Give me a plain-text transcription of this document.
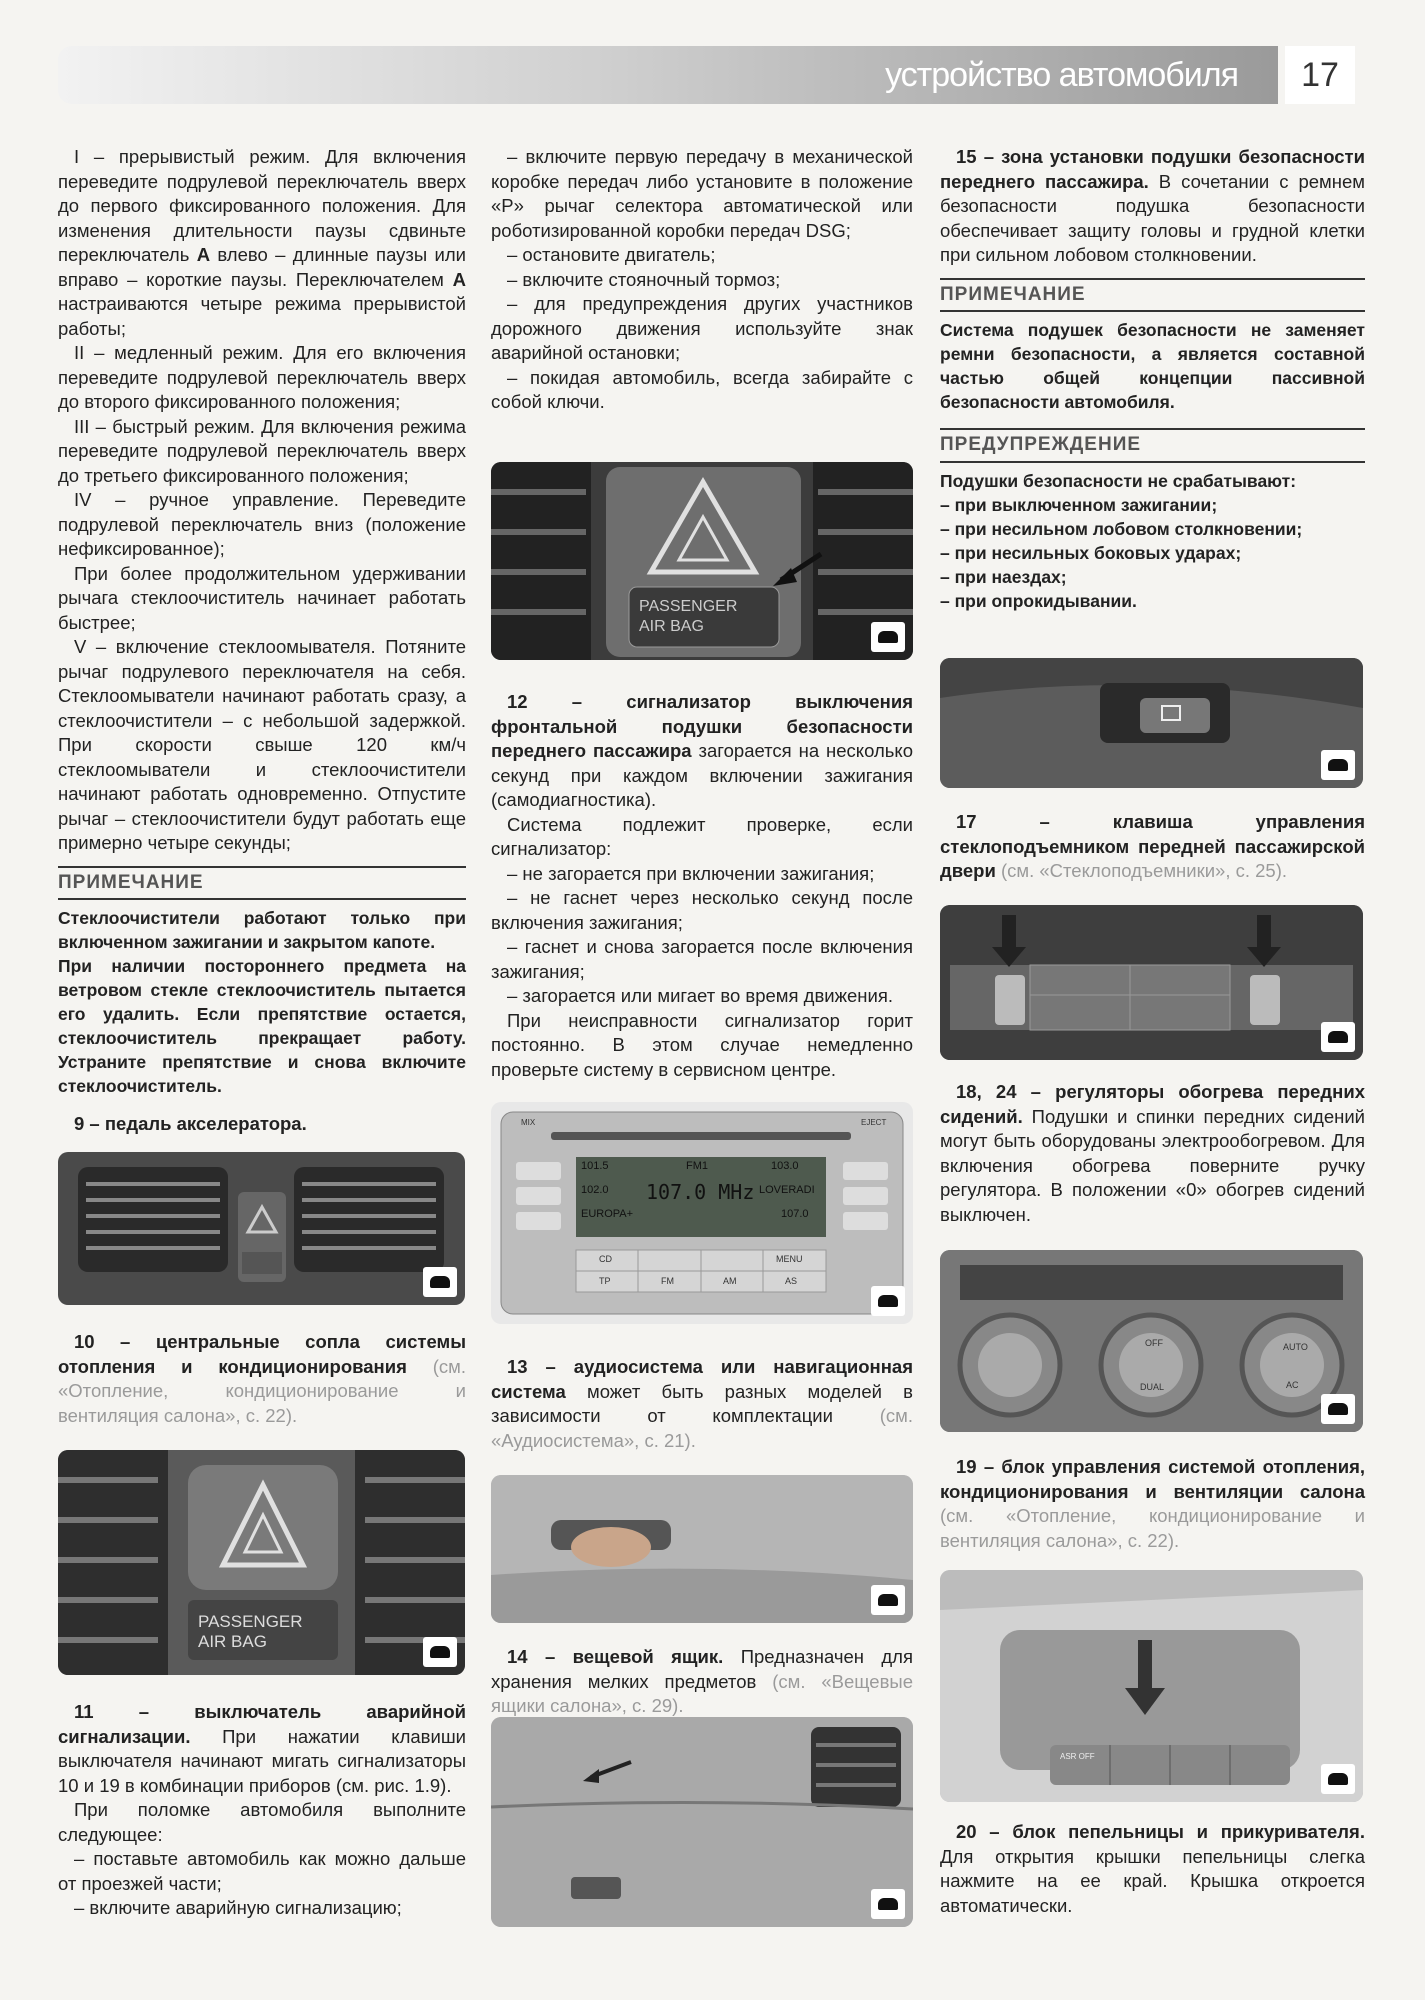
устройство автомобиля	17

I – прерывистый режим. Для включения переведите подрулевой переключатель вверх до первого фиксированного положения. Для изменения длительности паузы сдвиньте переключатель A влево – длинные паузы или вправо – короткие паузы. Переключателем A настраиваются четыре режима прерывистой работы;

II – медленный режим. Для его включения переведите подрулевой переключатель вверх до второго фиксированного положения;

III – быстрый режим. Для включения режима переведите подрулевой переключатель вверх до третьего фиксированного положения;

IV – ручное управление. Переведите подрулевой переключатель вниз (положение нефиксированное);

При более продолжительном удерживании рычага стеклоочиститель начинает работать быстрее;

V – включение стеклоомывателя. Потяните рычаг подрулевого переключателя на себя. Стеклоомыватели начинают работать сразу, а стеклоочистители – с небольшой задержкой. При скорости свыше 120 км/ч стеклоомыватели и стеклоочистители начинают работать одновременно. Отпустите рычаг – стеклоочистители будут работать еще примерно четыре секунды;

ПРИМЕЧАНИЕ

Стеклоочистители работают только при включенном зажигании и закрытом капоте.

При наличии постороннего предмета на ветровом стекле стеклоочиститель пытается его удалить. Если препятствие остается, стеклоочиститель прекращает работу. Устраните препятствие и снова включите стеклоочиститель.

9 – педаль акселератора.

10 – центральные сопла системы отопления и кондиционирования (см. «Отопление, кондиционирование и вентиляция салона», с. 22).
PASSENGER
AIR BAG

11 – выключатель аварийной сигнализации. При нажатии клавиши выключателя начинают мигать сигнализаторы 10 и 19 в комбинации приборов (см. рис. 1.9).

При поломке автомобиля выполните следующее:

– поставьте автомобиль как можно дальше от проезжей части;

– включите аварийную сигнализацию;

– включите первую передачу в механической коробке передач либо установите в положение «P» рычаг селектора автоматической или роботизированной коробки передач DSG;

– остановите двигатель;

– включите стояночный тормоз;

– для предупреждения других участников дорожного движения используйте знак аварийной остановки;

– покидая автомобиль, всегда забирайте с собой ключи.

PASSENGER
AIR BAG

12 – сигнализатор выключения фронтальной подушки безопасности переднего пассажира загорается на несколько секунд при каждом включении зажигания (самодиагностика).

Система подлежит проверке, если сигнализатор:

– не загорается при включении зажигания;

– не гаснет через несколько секунд после включения зажигания;

– гаснет и снова загорается после включения зажигания;

– загорается или мигает во время движения.

При неисправности сигнализатор горит постоянно. В этом случае немедленно проверьте систему в сервисном центре.

107.0 MHz
FM1
101.5
102.0
EUROPA+
103.0
LOVERADI
107.0
MIX	EJECT
CD
TP	FM	AM	AS
MENU
13 – аудиосистема или навигационная система может быть разных моделей в зависимости от комплектации (см. «Аудиосистема», с. 21).
14 – вещевой ящик. Предназначен для хранения мелких предметов (см. «Вещевые ящики салона», с. 29).

15 – зона установки подушки безопасности переднего пассажира. В сочетании с ремнем безопасности подушка безопасности обеспечивает защиту головы и грудной клетки при сильном лобовом столкновении.

ПРИМЕЧАНИЕ

Система подушек безопасности не заменяет ремни безопасности, а является составной частью общей концепции пассивной безопасности автомобиля.

ПРЕДУПРЕЖДЕНИЕ

Подушки безопасности не срабатывают:

– при выключенном зажигании;

– при несильном лобовом столкновении;

– при несильных боковых ударах;

– при наездах;

– при опрокидывании.

17 – клавиша управления стеклоподъемником передней пассажирской двери (см. «Стеклоподъемники», с. 25).
18, 24 – регуляторы обогрева передних сидений. Подушки и спинки передних сидений могут быть оборудованы электрообогревом. Для включения обогрева поверните ручку регулятора. В положении «0» обогрев сидений выключен.
OFF
DUAL
AUTO
AC
19 – блок управления системой отопления, кондиционирования и вентиляции салона (см. «Отопление, кондиционирование и вентиляция салона», с. 22).
ASR OFF
20 – блок пепельницы и прикуривателя. Для открытия крышки пепельницы слегка нажмите на ее край. Крышка откроется автоматически.
